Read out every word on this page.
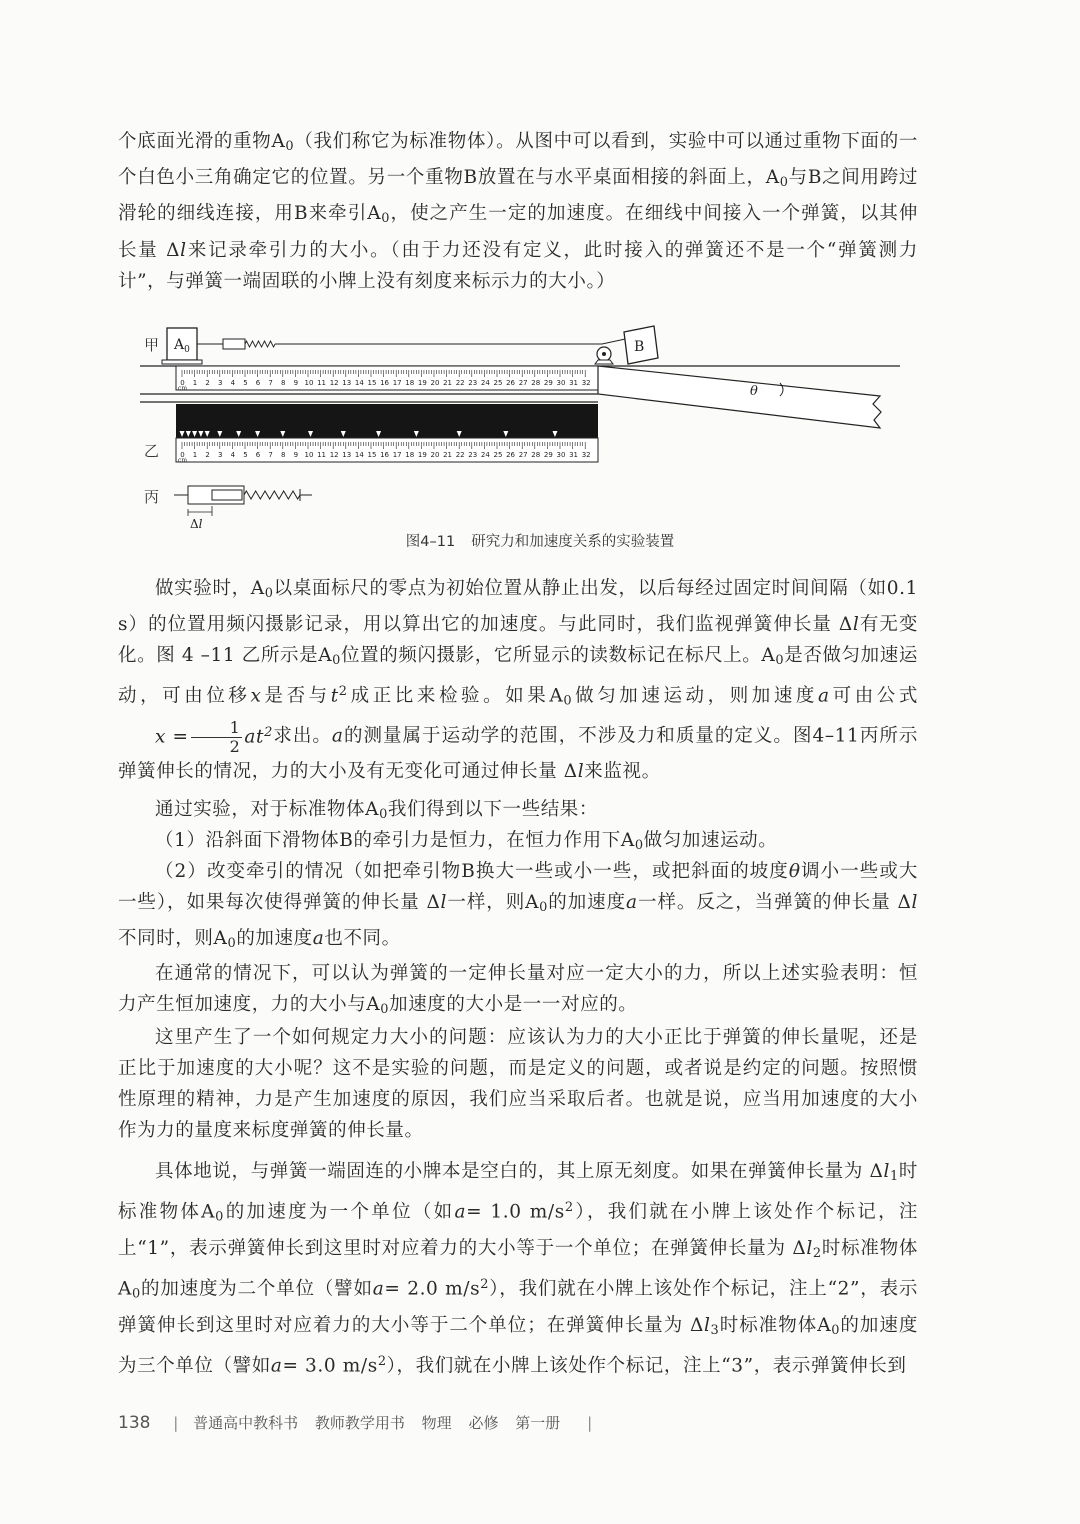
个底面光滑的重物$A_0$（我们称它为标准物体）。从图中可以看到，实验中可以通过重物下面的一个白色小三角确定它的位置。另一个重物B放置在与水平桌面相接的斜面上，$A_0$与B之间用跨过滑轮的细线连接，用B来牵引$A_0$，使之产生一定的加速度。在细线中间接入一个弹簧，以其伸长量 Δl来记录牵引力的大小。（由于力还没有定义，此时接入的弹簧还不是一个“弹簧测力计”，与弹簧一端固联的小牌上没有刻度来标示力的大小。）

甲 $A_0$	B
0 1 2 3 4 5 6 7 8 9 10 11 12 13 14 15 16 17 18 19 20 21 22 23 24 25 26 27 28 29 30 31 32
cm	θ
0 1 2 3 4 5 6 7 8 9 10 11 12 13 14 15 16 17 18 19 20 21 22 23 24 25 26 27 28 29 30 31 32
cm
乙
丙
Δl
图4–11 研究力和加速度关系的实验装置

做实验时，$A_0$以桌面标尺的零点为初始位置从静止出发，以后每经过固定时间间隔（如0.1 s）的位置用频闪摄影记录，用以算出它的加速度。与此同时，我们监视弹簧伸长量 Δl有无变化。图 4 –11 乙所示是$A_0$位置的频闪摄影，它所显示的读数标记在标尺上。$A_0$是否做匀加速运动，可由位移x是否与$t^2$成正比来检验。如果$A_0$做匀加速运动，则加速度a可由公式$x = \frac{1}{2} at^2$求出。a的测量属于运动学的范围，不涉及力和质量的定义。图4–11丙所示弹簧伸长的情况，力的大小及有无变化可通过伸长量 Δl来监视。

通过实验，对于标准物体$A_0$我们得到以下一些结果：

（1）沿斜面下滑物体B的牵引力是恒力，在恒力作用下$A_0$做匀加速运动。

（2）改变牵引的情况（如把牵引物B换大一些或小一些，或把斜面的坡度θ调小一些或大一些），如果每次使得弹簧的伸长量 Δl一样，则$A_0$的加速度a一样。反之，当弹簧的伸长量 Δl不同时，则$A_0$的加速度a也不同。

在通常的情况下，可以认为弹簧的一定伸长量对应一定大小的力，所以上述实验表明：恒力产生恒加速度，力的大小与$A_0$加速度的大小是一一对应的。

这里产生了一个如何规定力大小的问题：应该认为力的大小正比于弹簧的伸长量呢，还是正比于加速度的大小呢？这不是实验的问题，而是定义的问题，或者说是约定的问题。按照惯性原理的精神，力是产生加速度的原因，我们应当采取后者。也就是说，应当用加速度的大小作为力的量度来标度弹簧的伸长量。

具体地说，与弹簧一端固连的小牌本是空白的，其上原无刻度。如果在弹簧伸长量为 $\Delta l_1$时标准物体$A_0$的加速度为一个单位（如a= 1.0 $m/s^2$），我们就在小牌上该处作个标记，注上“1”，表示弹簧伸长到这里时对应着力的大小等于一个单位；在弹簧伸长量为 $\Delta l_2$时标准物体$A_0$的加速度为二个单位（譬如a= 2.0 $m/s^2$），我们就在小牌上该处作个标记，注上“2”，表示弹簧伸长到这里时对应着力的大小等于二个单位；在弹簧伸长量为 $\Delta l_3$时标准物体$A_0$的加速度为三个单位（譬如a= 3.0 $m/s^2$），我们就在小牌上该处作个标记，注上“3”，表示弹簧伸长到

138 | 普通高中教科书 教师教学用书 物理 必修 第一册 |
